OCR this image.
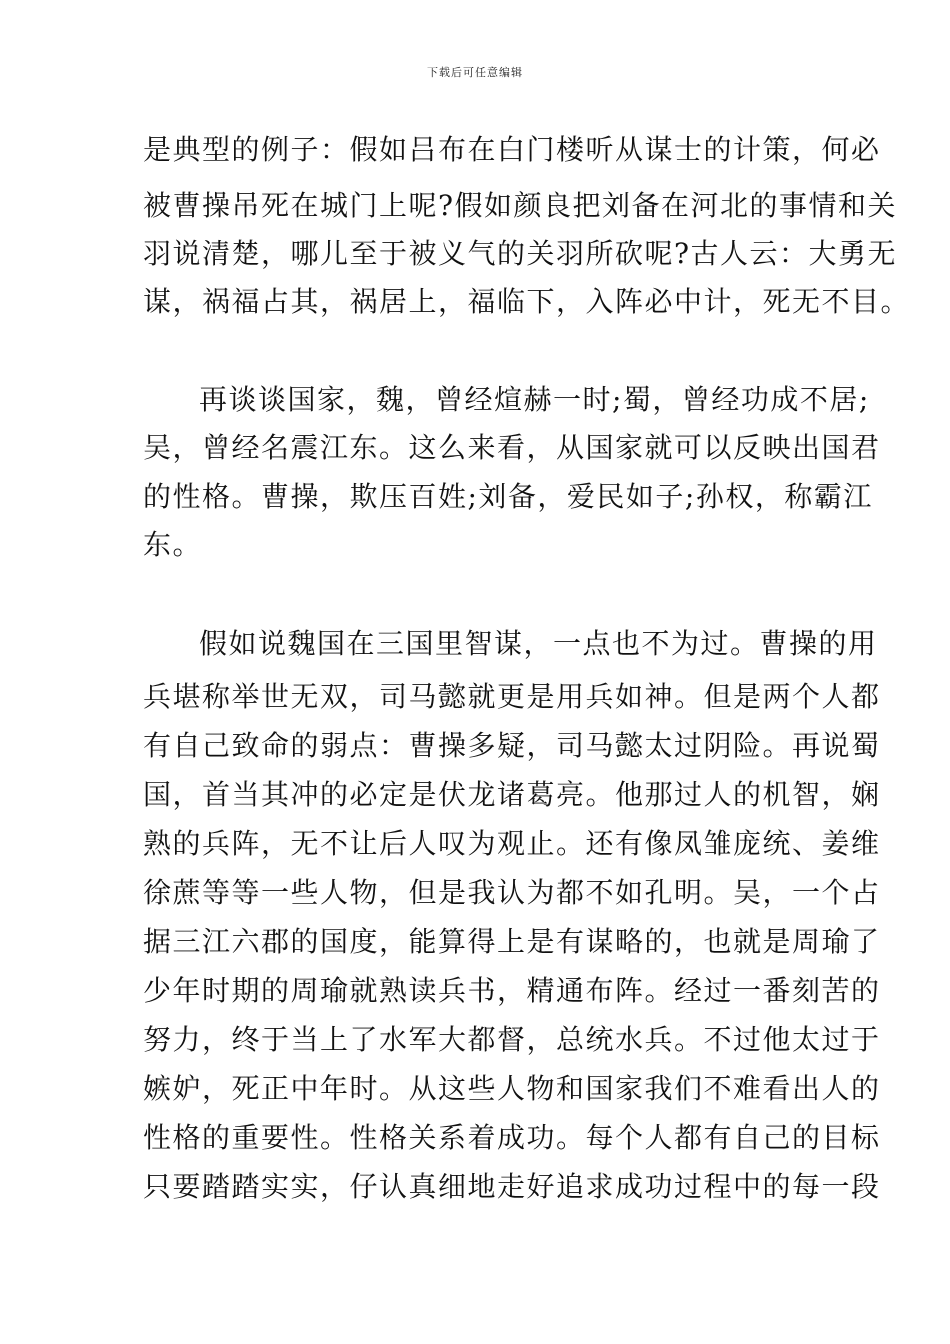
下载后可任意编辑
是典型的例子：假如吕布在白门楼听从谋士的计策，何必
被曹操吊死在城门上呢?假如颜良把刘备在河北的事情和关
羽说清楚，哪儿至于被义气的关羽所砍呢?古人云：大勇无
谋，祸福占其，祸居上，福临下，入阵必中计，死无不目。
再谈谈国家，魏，曾经煊赫一时;蜀，曾经功成不居;
吴，曾经名震江东。这么来看，从国家就可以反映出国君
的性格。曹操，欺压百姓;刘备，爱民如子;孙权，称霸江
东。
假如说魏国在三国里智谋，一点也不为过。曹操的用
兵堪称举世无双，司马懿就更是用兵如神。但是两个人都
有自己致命的弱点：曹操多疑，司马懿太过阴险。再说蜀
国，首当其冲的必定是伏龙诸葛亮。他那过人的机智，娴
熟的兵阵，无不让后人叹为观止。还有像凤雏庞统、姜维
徐蔗等等一些人物，但是我认为都不如孔明。吴，一个占
据三江六郡的国度，能算得上是有谋略的，也就是周瑜了
少年时期的周瑜就熟读兵书，精通布阵。经过一番刻苦的
努力，终于当上了水军大都督，总统水兵。不过他太过于
嫉妒，死正中年时。从这些人物和国家我们不难看出人的
性格的重要性。性格关系着成功。每个人都有自己的目标
只要踏踏实实，仔认真细地走好追求成功过程中的每一段
